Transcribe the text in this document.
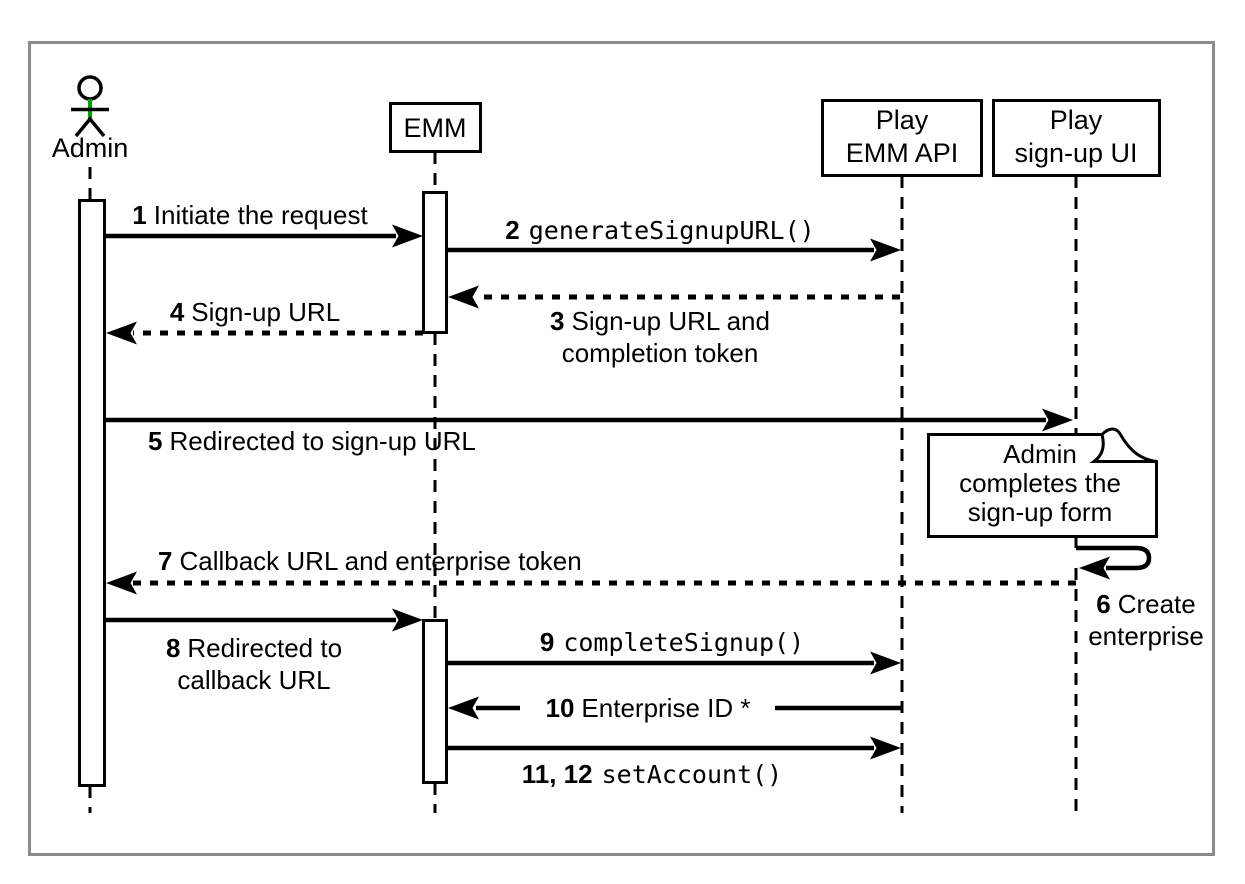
Admin
completes the
sign-up form
Admin
EMM	Play
EMM API
Play
sign-up UI
1 Initiate the request	2 generateSignupURL()
3 Sign-up URL and
completion token
4 Sign-up URL
5 Redirected to sign-up URL
6 Create
enterprise
7 Callback URL and enterprise token
8 Redirected to
callback URL
9 completeSignup()
10 Enterprise ID *
11, 12 setAccount()
